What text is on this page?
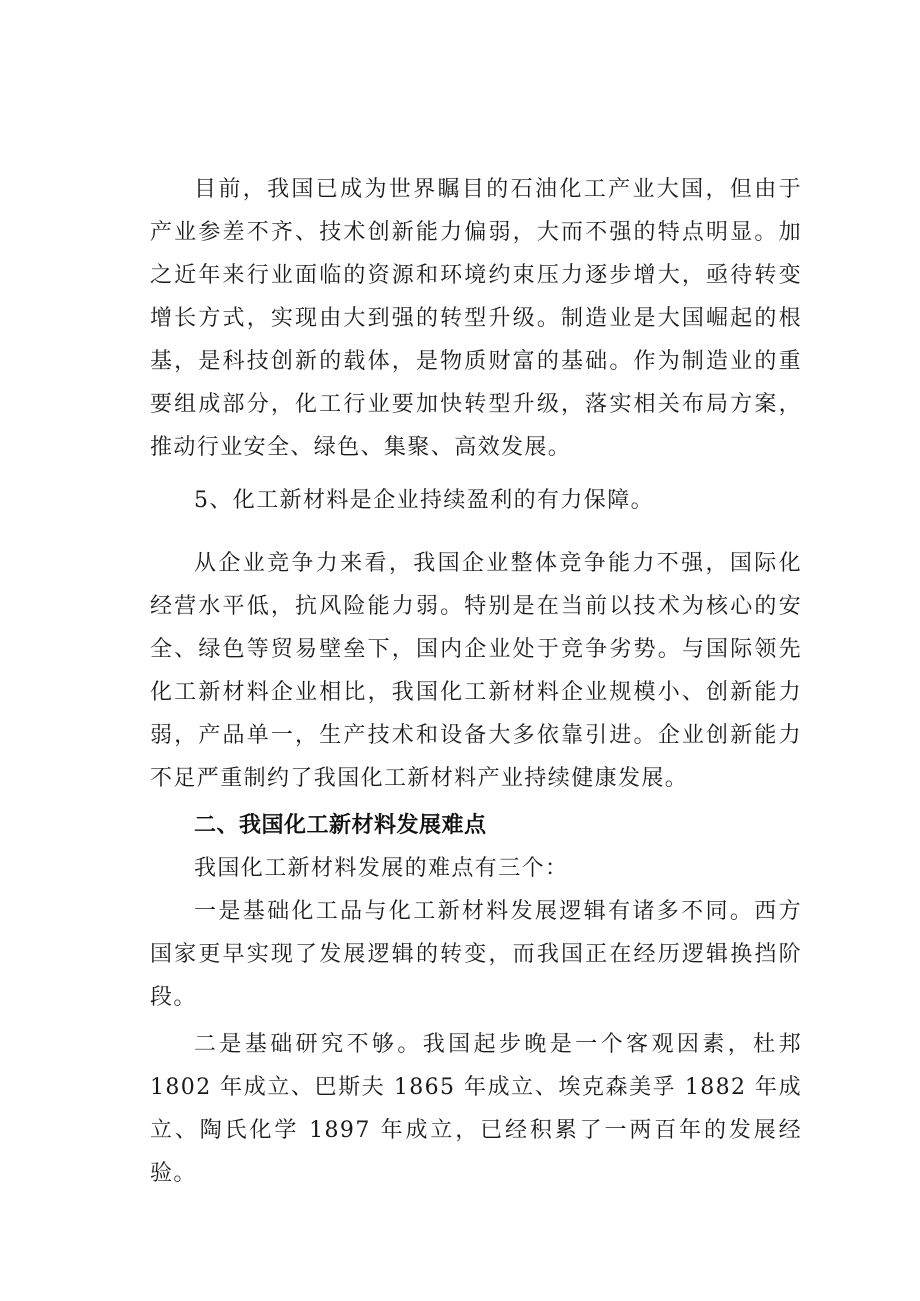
目前，我国已成为世界瞩目的石油化工产业大国，但由于产业参差不齐、技术创新能力偏弱，大而不强的特点明显。加之近年来行业面临的资源和环境约束压力逐步增大，亟待转变增长方式，实现由大到强的转型升级。制造业是大国崛起的根基，是科技创新的载体，是物质财富的基础。作为制造业的重要组成部分，化工行业要加快转型升级，落实相关布局方案，推动行业安全、绿色、集聚、高效发展。

5、化工新材料是企业持续盈利的有力保障。

从企业竞争力来看，我国企业整体竞争能力不强，国际化经营水平低，抗风险能力弱。特别是在当前以技术为核心的安全、绿色等贸易壁垒下，国内企业处于竞争劣势。与国际领先化工新材料企业相比，我国化工新材料企业规模小、创新能力弱，产品单一，生产技术和设备大多依靠引进。企业创新能力不足严重制约了我国化工新材料产业持续健康发展。

二、我国化工新材料发展难点

我国化工新材料发展的难点有三个：

一是基础化工品与化工新材料发展逻辑有诸多不同。西方国家更早实现了发展逻辑的转变，而我国正在经历逻辑换挡阶段。

二是基础研究不够。我国起步晚是一个客观因素，杜邦 1802 年成立、巴斯夫 1865 年成立、埃克森美孚 1882 年成立、陶氏化学 1897 年成立，已经积累了一两百年的发展经验。
